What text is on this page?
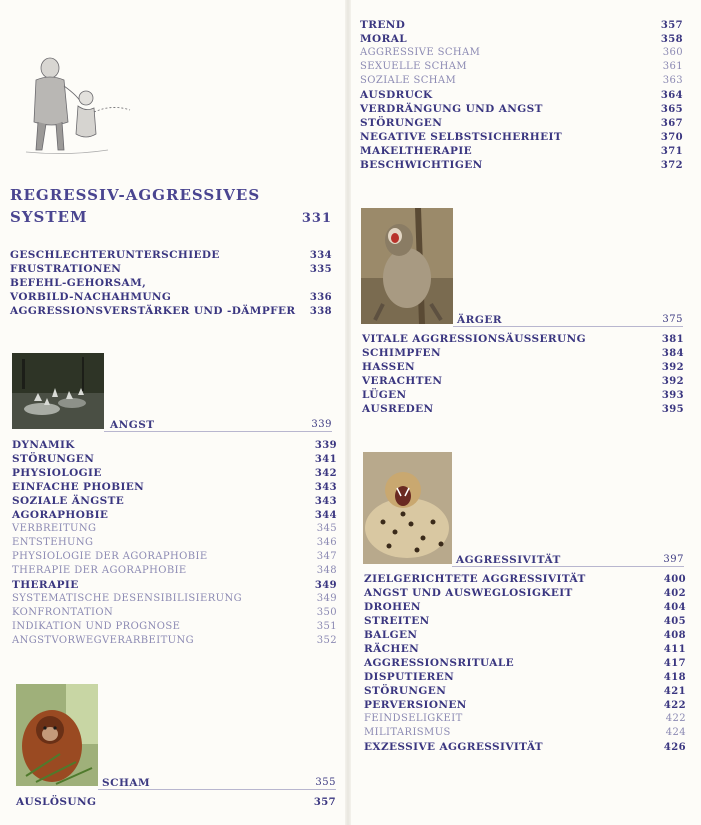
REGRESSIV-AGGRESSIVES
SYSTEM	331
GESCHLECHTERUNTERSCHIEDE	334
FRUSTRATIONEN	335
BEFEHL-GEHORSAM,
VORBILD-NACHAHMUNG	336
AGGRESSIONSVERSTÄRKER UND -DÄMPFER 338
ANGST	339
DYNAMIK	339
STÖRUNGEN	341
PHYSIOLOGIE	342
EINFACHE PHOBIEN	343
SOZIALE ÄNGSTE	343
AGORAPHOBIE	344
VERBREITUNG	345
ENTSTEHUNG	346
PHYSIOLOGIE DER AGORAPHOBIE	347
THERAPIE DER AGORAPHOBIE	348
THERAPIE	349
SYSTEMATISCHE DESENSIBILISIERUNG	349
KONFRONTATION	350
INDIKATION UND PROGNOSE	351
ANGSTVORWEGVERARBEITUNG	352
SCHAM	355
AUSLÖSUNG	357
TREND	357
MORAL	358
AGGRESSIVE SCHAM	360
SEXUELLE SCHAM	361
SOZIALE SCHAM	363
AUSDRUCK	364
VERDRÄNGUNG UND ANGST	365
STÖRUNGEN	367
NEGATIVE SELBSTSICHERHEIT	370
MAKELTHERAPIE	371
BESCHWICHTIGEN	372
ÄRGER	375
VITALE AGGRESSIONSÄUSSERUNG	381
SCHIMPFEN	384
HASSEN	392
VERACHTEN	392
LÜGEN	393
AUSREDEN	395
AGGRESSIVITÄT	397
ZIELGERICHTETE AGGRESSIVITÄT	400
ANGST UND AUSWEGLOSIGKEIT	402
DROHEN	404
STREITEN	405
BALGEN	408
RÄCHEN	411
AGGRESSIONSRITUALE	417
DISPUTIEREN	418
STÖRUNGEN	421
PERVERSIONEN	422
FEINDSELIGKEIT	422
MILITARISMUS	424
EXZESSIVE AGGRESSIVITÄT	426
